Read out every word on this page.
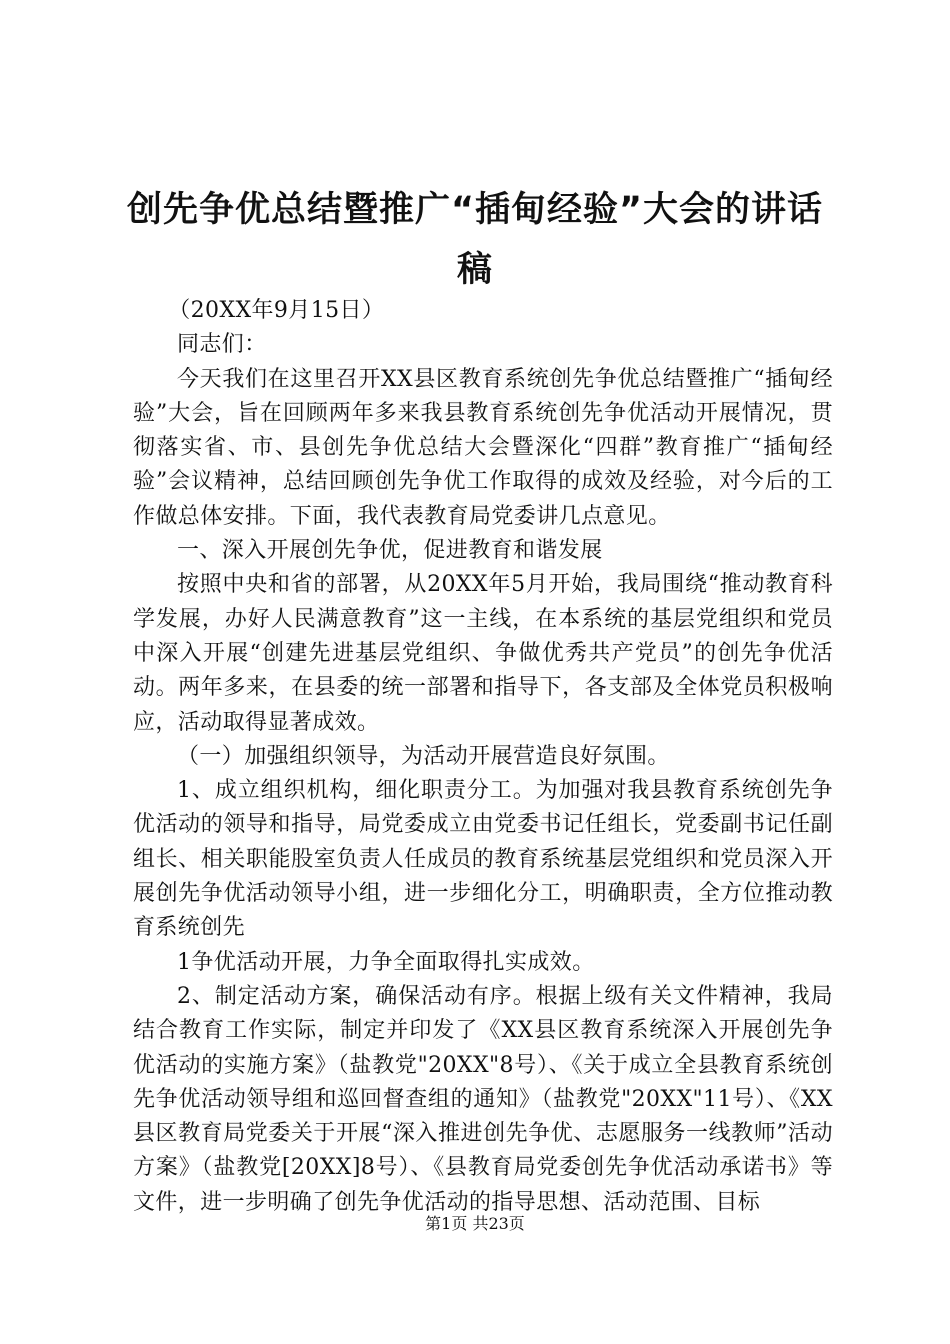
创先争优总结暨推广“插甸经验”大会的讲话
稿

（20XX年9月15日）

同志们：

今天我们在这里召开XX县区教育系统创先争优总结暨推广“插甸经验”大会，旨在回顾两年多来我县教育系统创先争优活动开展情况，贯彻落实省、市、县创先争优总结大会暨深化“四群”教育推广“插甸经验”会议精神，总结回顾创先争优工作取得的成效及经验，对今后的工作做总体安排。下面，我代表教育局党委讲几点意见。

一、深入开展创先争优，促进教育和谐发展

按照中央和省的部署，从20XX年5月开始，我局围绕“推动教育科学发展，办好人民满意教育”这一主线，在本系统的基层党组织和党员中深入开展“创建先进基层党组织、争做优秀共产党员”的创先争优活动。两年多来，在县委的统一部署和指导下，各支部及全体党员积极响应，活动取得显著成效。

（一）加强组织领导，为活动开展营造良好氛围。

1、成立组织机构，细化职责分工。为加强对我县教育系统创先争优活动的领导和指导，局党委成立由党委书记任组长，党委副书记任副组长、相关职能股室负责人任成员的教育系统基层党组织和党员深入开展创先争优活动领导小组，进一步细化分工，明确职责，全方位推动教育系统创先

1争优活动开展，力争全面取得扎实成效。

2、制定活动方案，确保活动有序。根据上级有关文件精神，我局结合教育工作实际，制定并印发了《XX县区教育系统深入开展创先争优活动的实施方案》（盐教党"20XX"8号）、《关于成立全县教育系统创先争优活动领导组和巡回督查组的通知》（盐教党"20XX"11号）、《XX县区教育局党委关于开展“深入推进创先争优、志愿服务一线教师”活动方案》（盐教党[20XX]8号）、《县教育局党委创先争优活动承诺书》等文件，进一步明确了创先争优活动的指导思想、活动范围、目标

第1页 共23页
